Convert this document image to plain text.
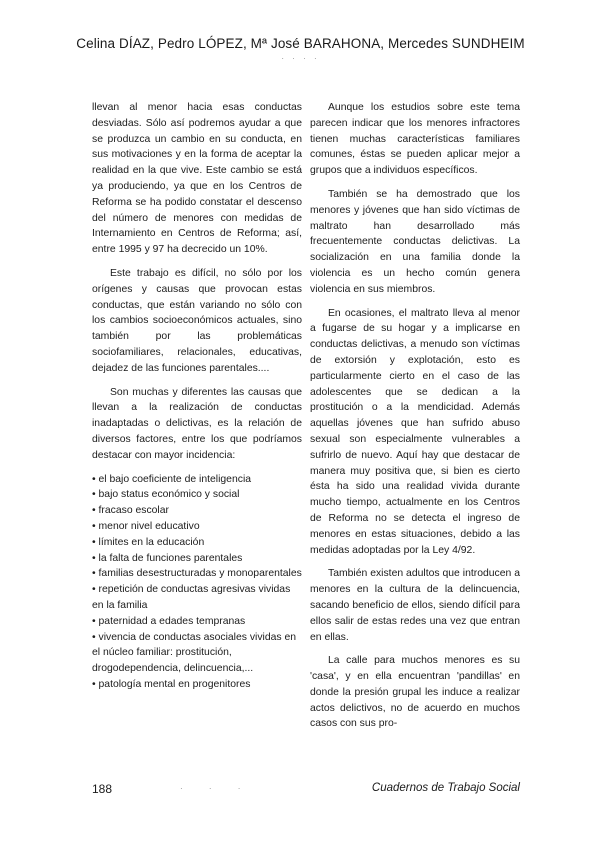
Celina DÍAZ, Pedro LÓPEZ, Mª José BARAHONA, Mercedes SUNDHEIM
· · · ·

llevan al menor hacia esas conductas desviadas. Sólo así podremos ayudar a que se produzca un cambio en su conducta, en sus motivaciones y en la forma de aceptar la realidad en la que vive. Este cambio se está ya produciendo, ya que en los Centros de Reforma se ha podido constatar el descenso del número de menores con medidas de Internamiento en Centros de Reforma; así, entre 1995 y 97 ha decrecido un 10%.

Este trabajo es difícil, no sólo por los orígenes y causas que provocan estas conductas, que están variando no sólo con los cambios socioeconómicos actuales, sino también por las problemáticas sociofamiliares, relacionales, educativas, dejadez de las funciones parentales....

Son muchas y diferentes las causas que llevan a la realización de conductas inadaptadas o delictivas, es la relación de diversos factores, entre los que podríamos destacar con mayor incidencia:

• el bajo coeficiente de inteligencia
• bajo status económico y social
• fracaso escolar
• menor nivel educativo
• límites en la educación
• la falta de funciones parentales
• familias desestructuradas y monoparentales
• repetición de conductas agresivas vividas en la familia
• paternidad a edades tempranas
• vivencia de conductas asociales vividas en el núcleo familiar: prostitución, drogodependencia, delincuencia,...
• patología mental en progenitores

Aunque los estudios sobre este tema parecen indicar que los menores infractores tienen muchas características familiares comunes, éstas se pueden aplicar mejor a grupos que a individuos específicos.

También se ha demostrado que los menores y jóvenes que han sido víctimas de maltrato han desarrollado más frecuentemente conductas delictivas. La socialización en una familia donde la violencia es un hecho común genera violencia en sus miembros.

En ocasiones, el maltrato lleva al menor a fugarse de su hogar y a implicarse en conductas delictivas, a menudo son víctimas de extorsión y explotación, esto es particularmente cierto en el caso de las adolescentes que se dedican a la prostitución o a la mendicidad. Además aquellas jóvenes que han sufrido abuso sexual son especialmente vulnerables a sufrirlo de nuevo. Aquí hay que destacar de manera muy positiva que, si bien es cierto ésta ha sido una realidad vivida durante mucho tiempo, actualmente en los Centros de Reforma no se detecta el ingreso de menores en estas situaciones, debido a las medidas adoptadas por la Ley 4/92.

También existen adultos que introducen a menores en la cultura de la delincuencia, sacando beneficio de ellos, siendo difícil para ellos salir de estas redes una vez que entran en ellas.

La calle para muchos menores es su 'casa', y en ella encuentran 'pandillas' en donde la presión grupal les induce a realizar actos delictivos, no de acuerdo en muchos casos con sus pro-

188	· · ·	Cuadernos de Trabajo Social
